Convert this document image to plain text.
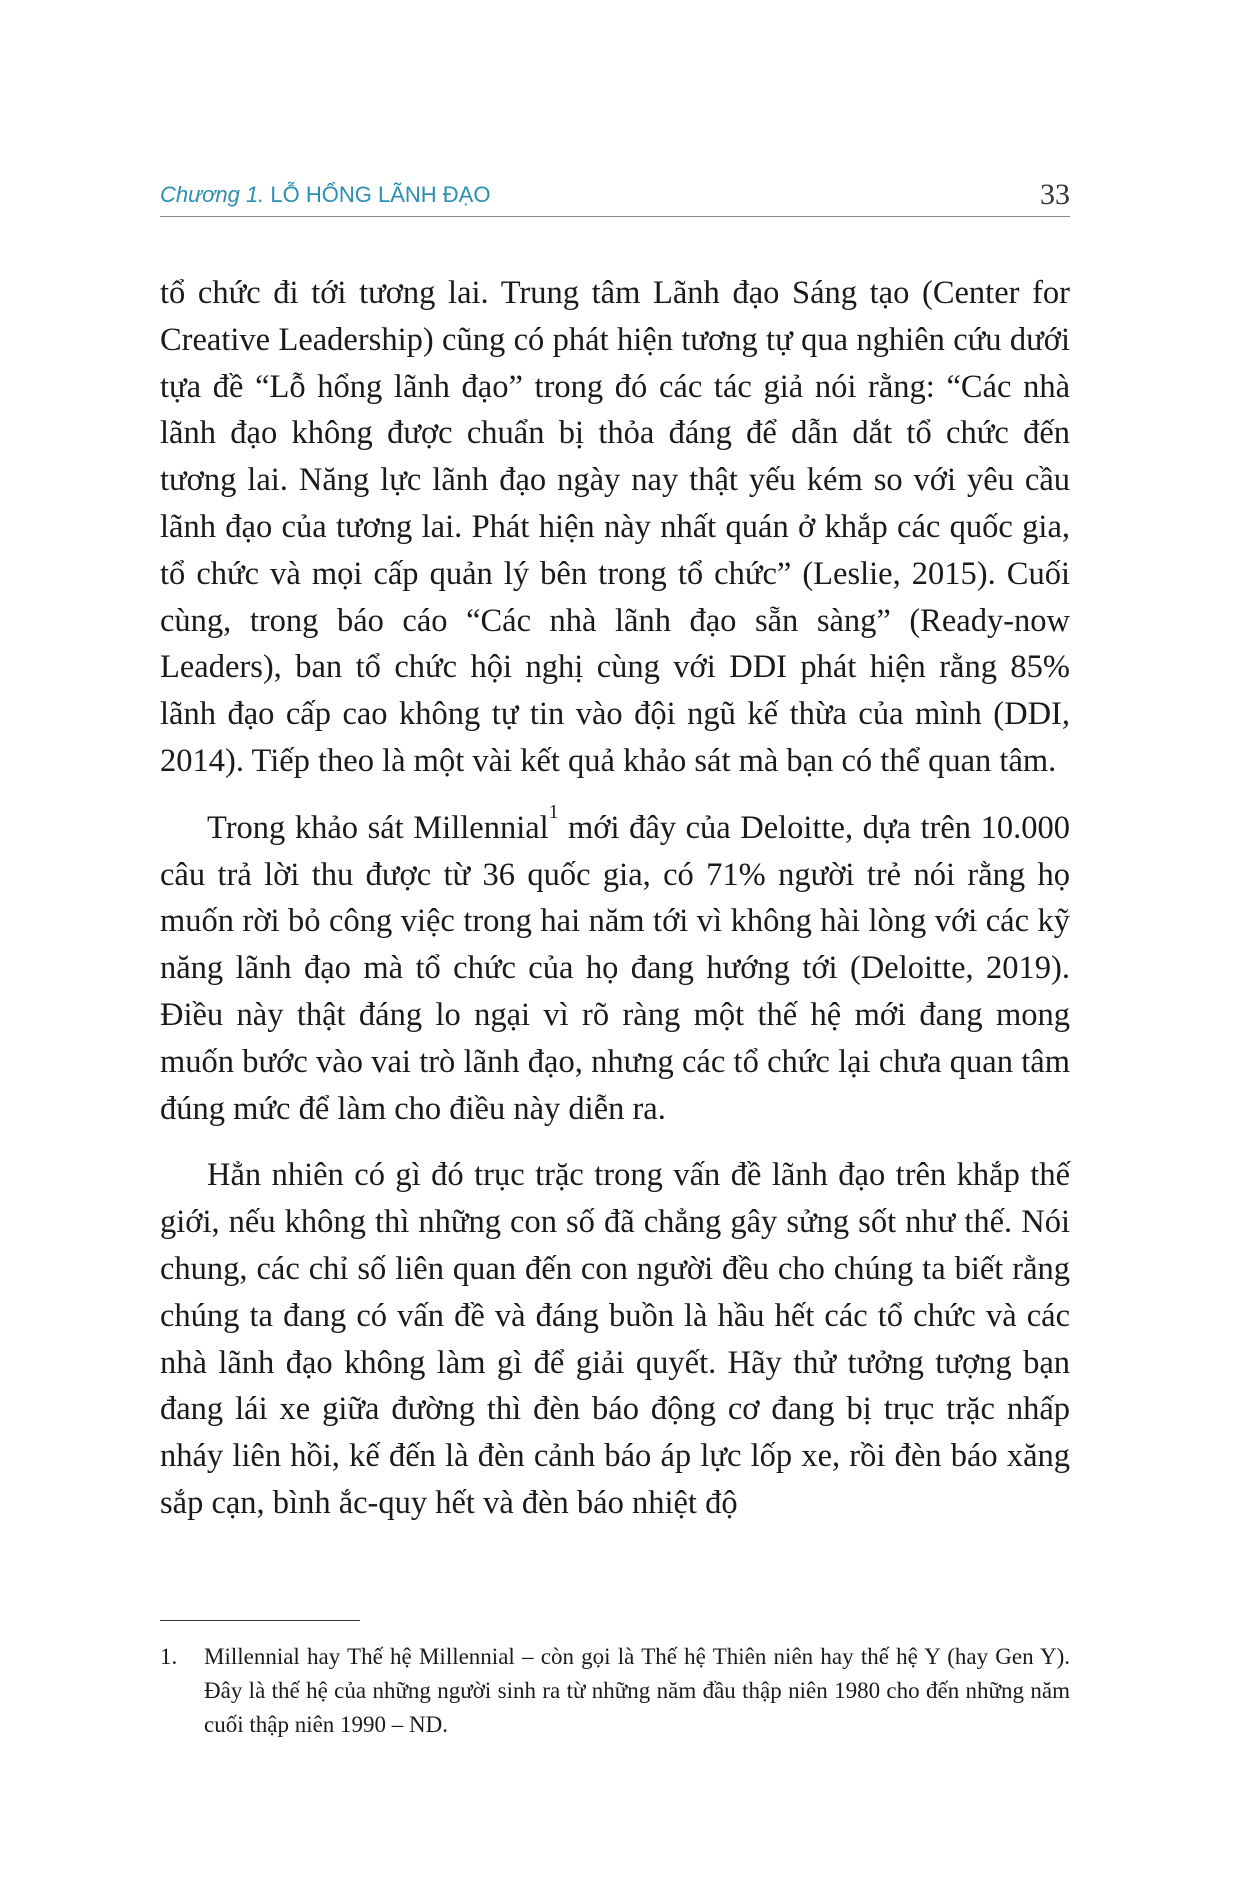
Chương 1. LỖ HỔNG LÃNH ĐẠO	33

tổ chức đi tới tương lai. Trung tâm Lãnh đạo Sáng tạo (Center for Creative Leadership) cũng có phát hiện tương tự qua nghiên cứu dưới tựa đề “Lỗ hổng lãnh đạo” trong đó các tác giả nói rằng: “Các nhà lãnh đạo không được chuẩn bị thỏa đáng để dẫn dắt tổ chức đến tương lai. Năng lực lãnh đạo ngày nay thật yếu kém so với yêu cầu lãnh đạo của tương lai. Phát hiện này nhất quán ở khắp các quốc gia, tổ chức và mọi cấp quản lý bên trong tổ chức” (Leslie, 2015). Cuối cùng, trong báo cáo “Các nhà lãnh đạo sẵn sàng” (Ready-now Leaders), ban tổ chức hội nghị cùng với DDI phát hiện rằng 85% lãnh đạo cấp cao không tự tin vào đội ngũ kế thừa của mình (DDI, 2014). Tiếp theo là một vài kết quả khảo sát mà bạn có thể quan tâm.

Trong khảo sát Millennial$^1$ mới đây của Deloitte, dựa trên 10.000 câu trả lời thu được từ 36 quốc gia, có 71% người trẻ nói rằng họ muốn rời bỏ công việc trong hai năm tới vì không hài lòng với các kỹ năng lãnh đạo mà tổ chức của họ đang hướng tới (Deloitte, 2019). Điều này thật đáng lo ngại vì rõ ràng một thế hệ mới đang mong muốn bước vào vai trò lãnh đạo, nhưng các tổ chức lại chưa quan tâm đúng mức để làm cho điều này diễn ra.

Hẳn nhiên có gì đó trục trặc trong vấn đề lãnh đạo trên khắp thế giới, nếu không thì những con số đã chẳng gây sửng sốt như thế. Nói chung, các chỉ số liên quan đến con người đều cho chúng ta biết rằng chúng ta đang có vấn đề và đáng buồn là hầu hết các tổ chức và các nhà lãnh đạo không làm gì để giải quyết. Hãy thử tưởng tượng bạn đang lái xe giữa đường thì đèn báo động cơ đang bị trục trặc nhấp nháy liên hồi, kế đến là đèn cảnh báo áp lực lốp xe, rồi đèn báo xăng sắp cạn, bình ắc-quy hết và đèn báo nhiệt độ

1.	Millennial hay Thế hệ Millennial – còn gọi là Thế hệ Thiên niên hay thế hệ Y (hay Gen Y). Đây là thế hệ của những người sinh ra từ những năm đầu thập niên 1980 cho đến những năm cuối thập niên 1990 – ND.
